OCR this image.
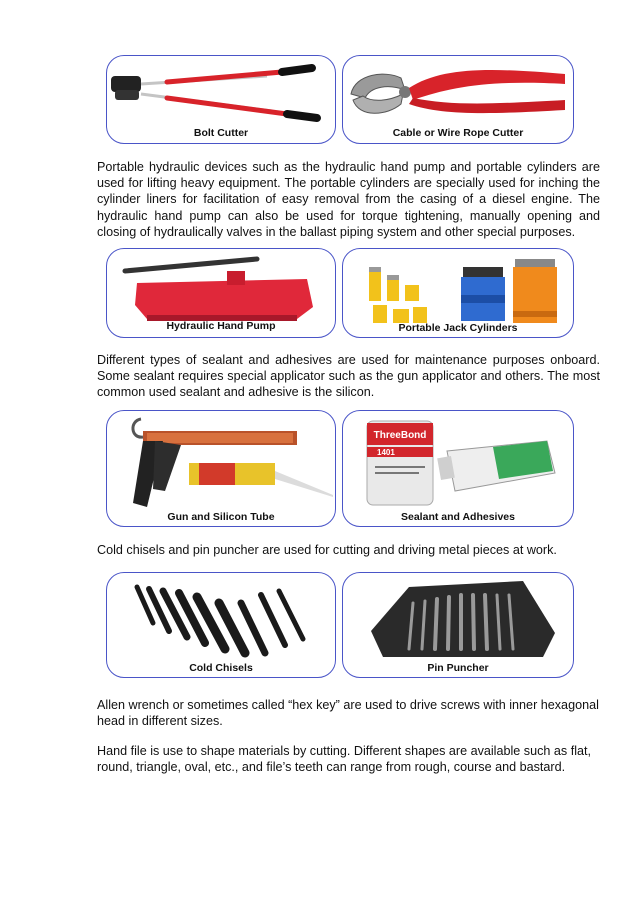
Bolt Cutter	Cable or Wire Rope Cutter
Portable hydraulic devices such as the hydraulic hand pump and portable cylinders are used for lifting heavy equipment. The portable cylinders are specially used for inching the cylinder liners for facilitation of easy removal from the casing of a diesel engine. The hydraulic hand pump can also be used for torque tightening, manually opening and closing of hydraulically valves in the ballast piping system and other special purposes.
Hydraulic Hand Pump	Portable Jack Cylinders
Different types of sealant and adhesives are used for maintenance purposes onboard. Some sealant requires special applicator such as the gun applicator and others. The most common used sealant and adhesive is the silicon.
Gun and Silicon Tube
ThreeBond
1401
Sealant and Adhesives
Cold chisels and pin puncher are used for cutting and driving metal pieces at work.
Cold Chisels	Pin Puncher
Allen wrench or sometimes called “hex key” are used to drive screws with inner hexagonal head in different sizes.
Hand file is use to shape materials by cutting. Different shapes are available such as flat, round, triangle, oval, etc., and file’s teeth can range from rough, course and bastard.
